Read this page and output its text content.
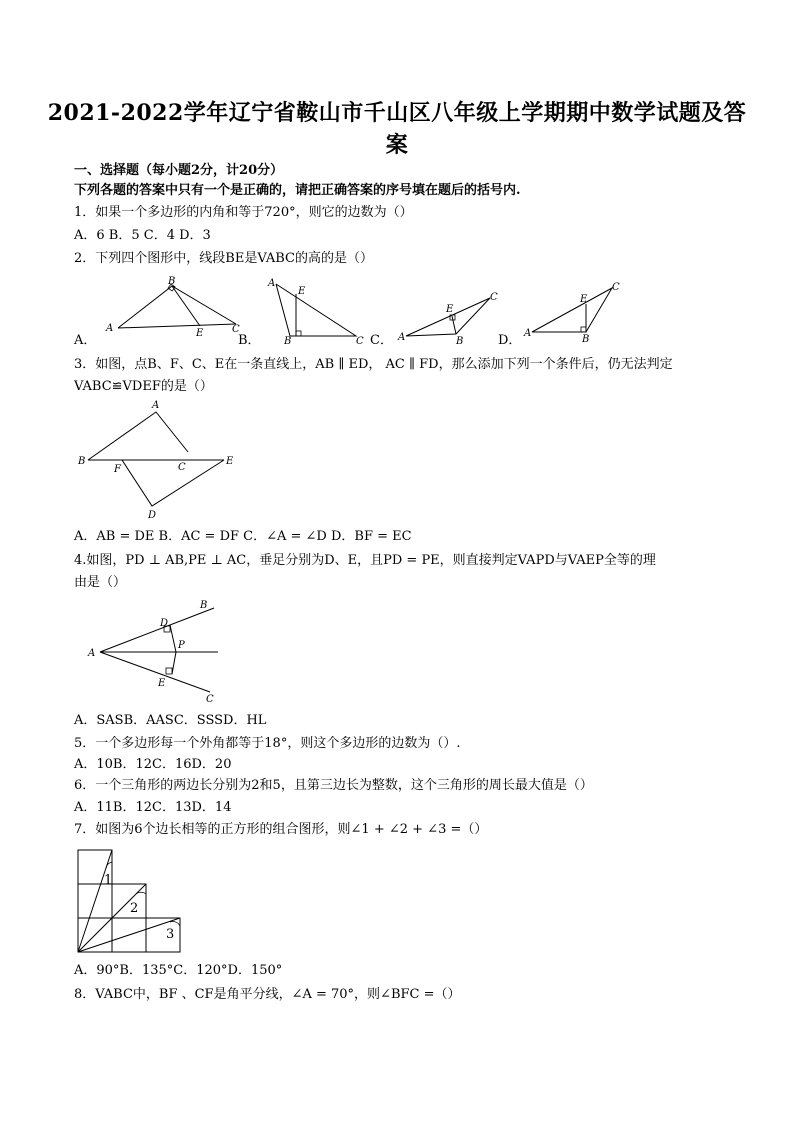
2021-2022学年辽宁省鞍山市千山区八年级上学期期中数学试题及答
案
一、选择题（每小题2分，计20分）
下列各题的答案中只有一个是正确的，请把正确答案的序号填在题后的括号内.
1．如果一个多边形的内角和等于720°，则它的边数为（）
A．6 B．5 C．4 D．3
2．下列四个图形中，线段BE是VABC的高的是（）
A．	B．	C．	D．
A
B
E	C
A
E
B	C	A
E
B
C
A
E
B
C
3．如图，点B、F、C、E在一条直线上，AB ∥ ED， AC ∥ FD，那么添加下列一个条件后，仍无法判定
VABC≌VDEF的是（）
B
A
F	C
E
D
A．AB = DE B．AC = DF C．∠A = ∠D D．BF = EC
4.如图，PD ⊥ AB,PE ⊥ AC，垂足分别为D、E，且PD = PE，则直接判定VAPD与VAEP全等的理
由是（）
A
B
D
P
E
C
A．SASB．AASC．SSSD．HL
5．一个多边形每一个外角都等于18°，则这个多边形的边数为（）.
A．10B．12C．16D．20
6．一个三角形的两边长分别为2和5，且第三边长为整数，这个三角形的周长最大值是（）
A．11B．12C．13D．14
7．如图为6个边长相等的正方形的组合图形，则∠1 + ∠2 + ∠3 =（）
1
2
3
A．90°B．135°C．120°D．150°
8．VABC中，BF 、CF是角平分线，∠A = 70°，则∠BFC =（）
